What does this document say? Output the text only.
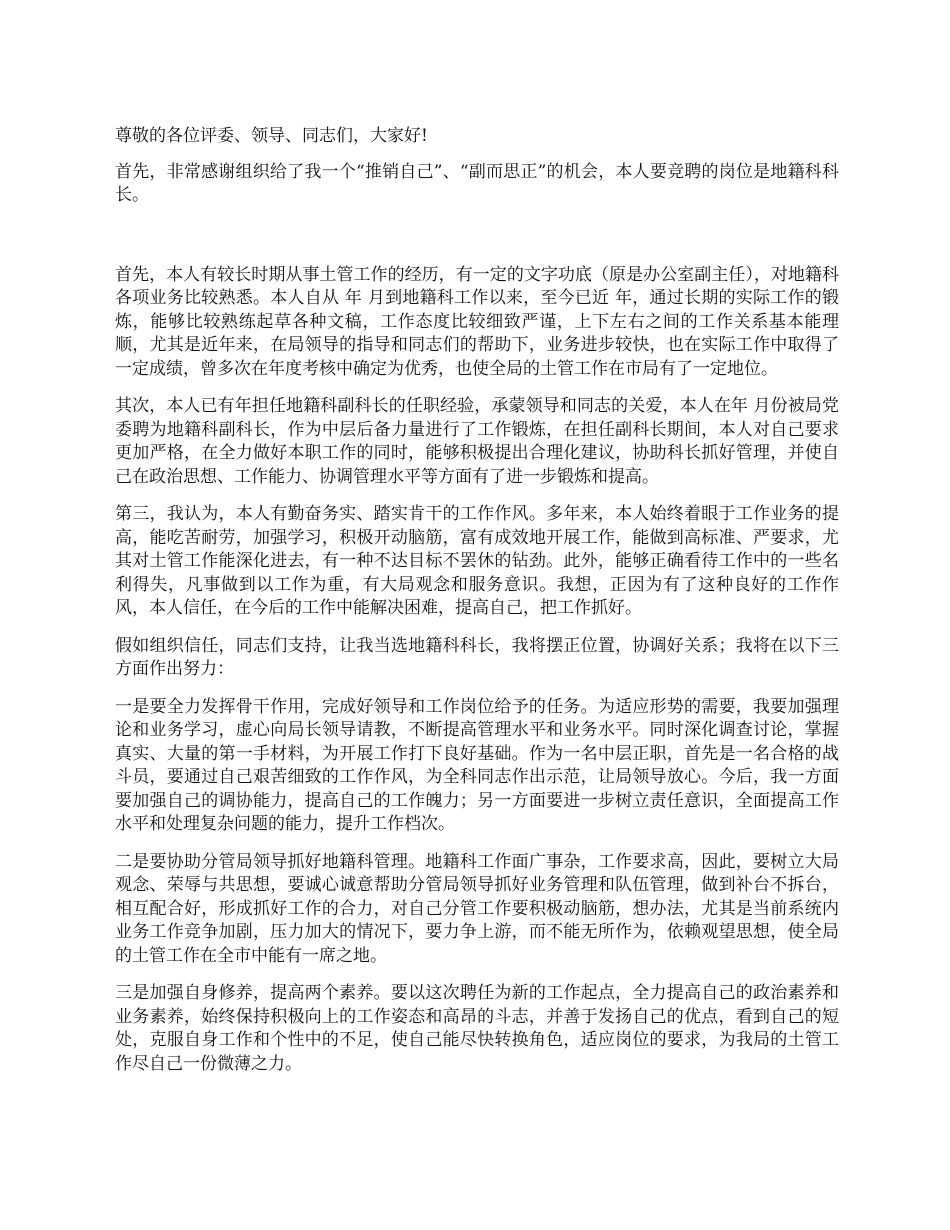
尊敬的各位评委、领导、同志们，大家好!

首先，非常感谢组织给了我一个“推销自己”、“副而思正”的机会，本人要竞聘的岗位是地籍科科长。

首先，本人有较长时期从事土管工作的经历，有一定的文字功底（原是办公室副主任），对地籍科各项业务比较熟悉。本人自从 年 月到地籍科工作以来，至今已近 年，通过长期的实际工作的锻炼，能够比较熟练起草各种文稿，工作态度比较细致严谨，上下左右之间的工作关系基本能理顺，尤其是近年来，在局领导的指导和同志们的帮助下，业务进步较快，也在实际工作中取得了一定成绩，曾多次在年度考核中确定为优秀，也使全局的土管工作在市局有了一定地位。

其次，本人已有年担任地籍科副科长的任职经验，承蒙领导和同志的关爱，本人在年 月份被局党委聘为地籍科副科长，作为中层后备力量进行了工作锻炼，在担任副科长期间，本人对自己要求更加严格，在全力做好本职工作的同时，能够积极提出合理化建议，协助科长抓好管理，并使自己在政治思想、工作能力、协调管理水平等方面有了进一步锻炼和提高。

第三，我认为，本人有勤奋务实、踏实肯干的工作作风。多年来，本人始终着眼于工作业务的提高，能吃苦耐劳，加强学习，积极开动脑筋，富有成效地开展工作，能做到高标准、严要求，尤其对土管工作能深化进去，有一种不达目标不罢休的钻劲。此外，能够正确看待工作中的一些名利得失，凡事做到以工作为重，有大局观念和服务意识。我想，正因为有了这种良好的工作作风，本人信任，在今后的工作中能解决困难，提高自己，把工作抓好。

假如组织信任，同志们支持，让我当选地籍科科长，我将摆正位置，协调好关系；我将在以下三方面作出努力：

一是要全力发挥骨干作用，完成好领导和工作岗位给予的任务。为适应形势的需要，我要加强理论和业务学习，虚心向局长领导请教，不断提高管理水平和业务水平。同时深化调查讨论，掌握真实、大量的第一手材料，为开展工作打下良好基础。作为一名中层正职，首先是一名合格的战斗员，要通过自己艰苦细致的工作作风，为全科同志作出示范，让局领导放心。今后，我一方面要加强自己的调协能力，提高自己的工作魄力；另一方面要进一步树立责任意识，全面提高工作水平和处理复杂问题的能力，提升工作档次。

二是要协助分管局领导抓好地籍科管理。地籍科工作面广事杂，工作要求高，因此，要树立大局观念、荣辱与共思想，要诚心诚意帮助分管局领导抓好业务管理和队伍管理，做到补台不拆台，相互配合好，形成抓好工作的合力，对自己分管工作要积极动脑筋，想办法，尤其是当前系统内业务工作竞争加剧，压力加大的情况下，要力争上游，而不能无所作为，依赖观望思想，使全局的土管工作在全市中能有一席之地。

三是加强自身修养，提高两个素养。要以这次聘任为新的工作起点，全力提高自己的政治素养和业务素养，始终保持积极向上的工作姿态和高昂的斗志，并善于发扬自己的优点，看到自己的短处，克服自身工作和个性中的不足，使自己能尽快转换角色，适应岗位的要求，为我局的土管工作尽自己一份微薄之力。
